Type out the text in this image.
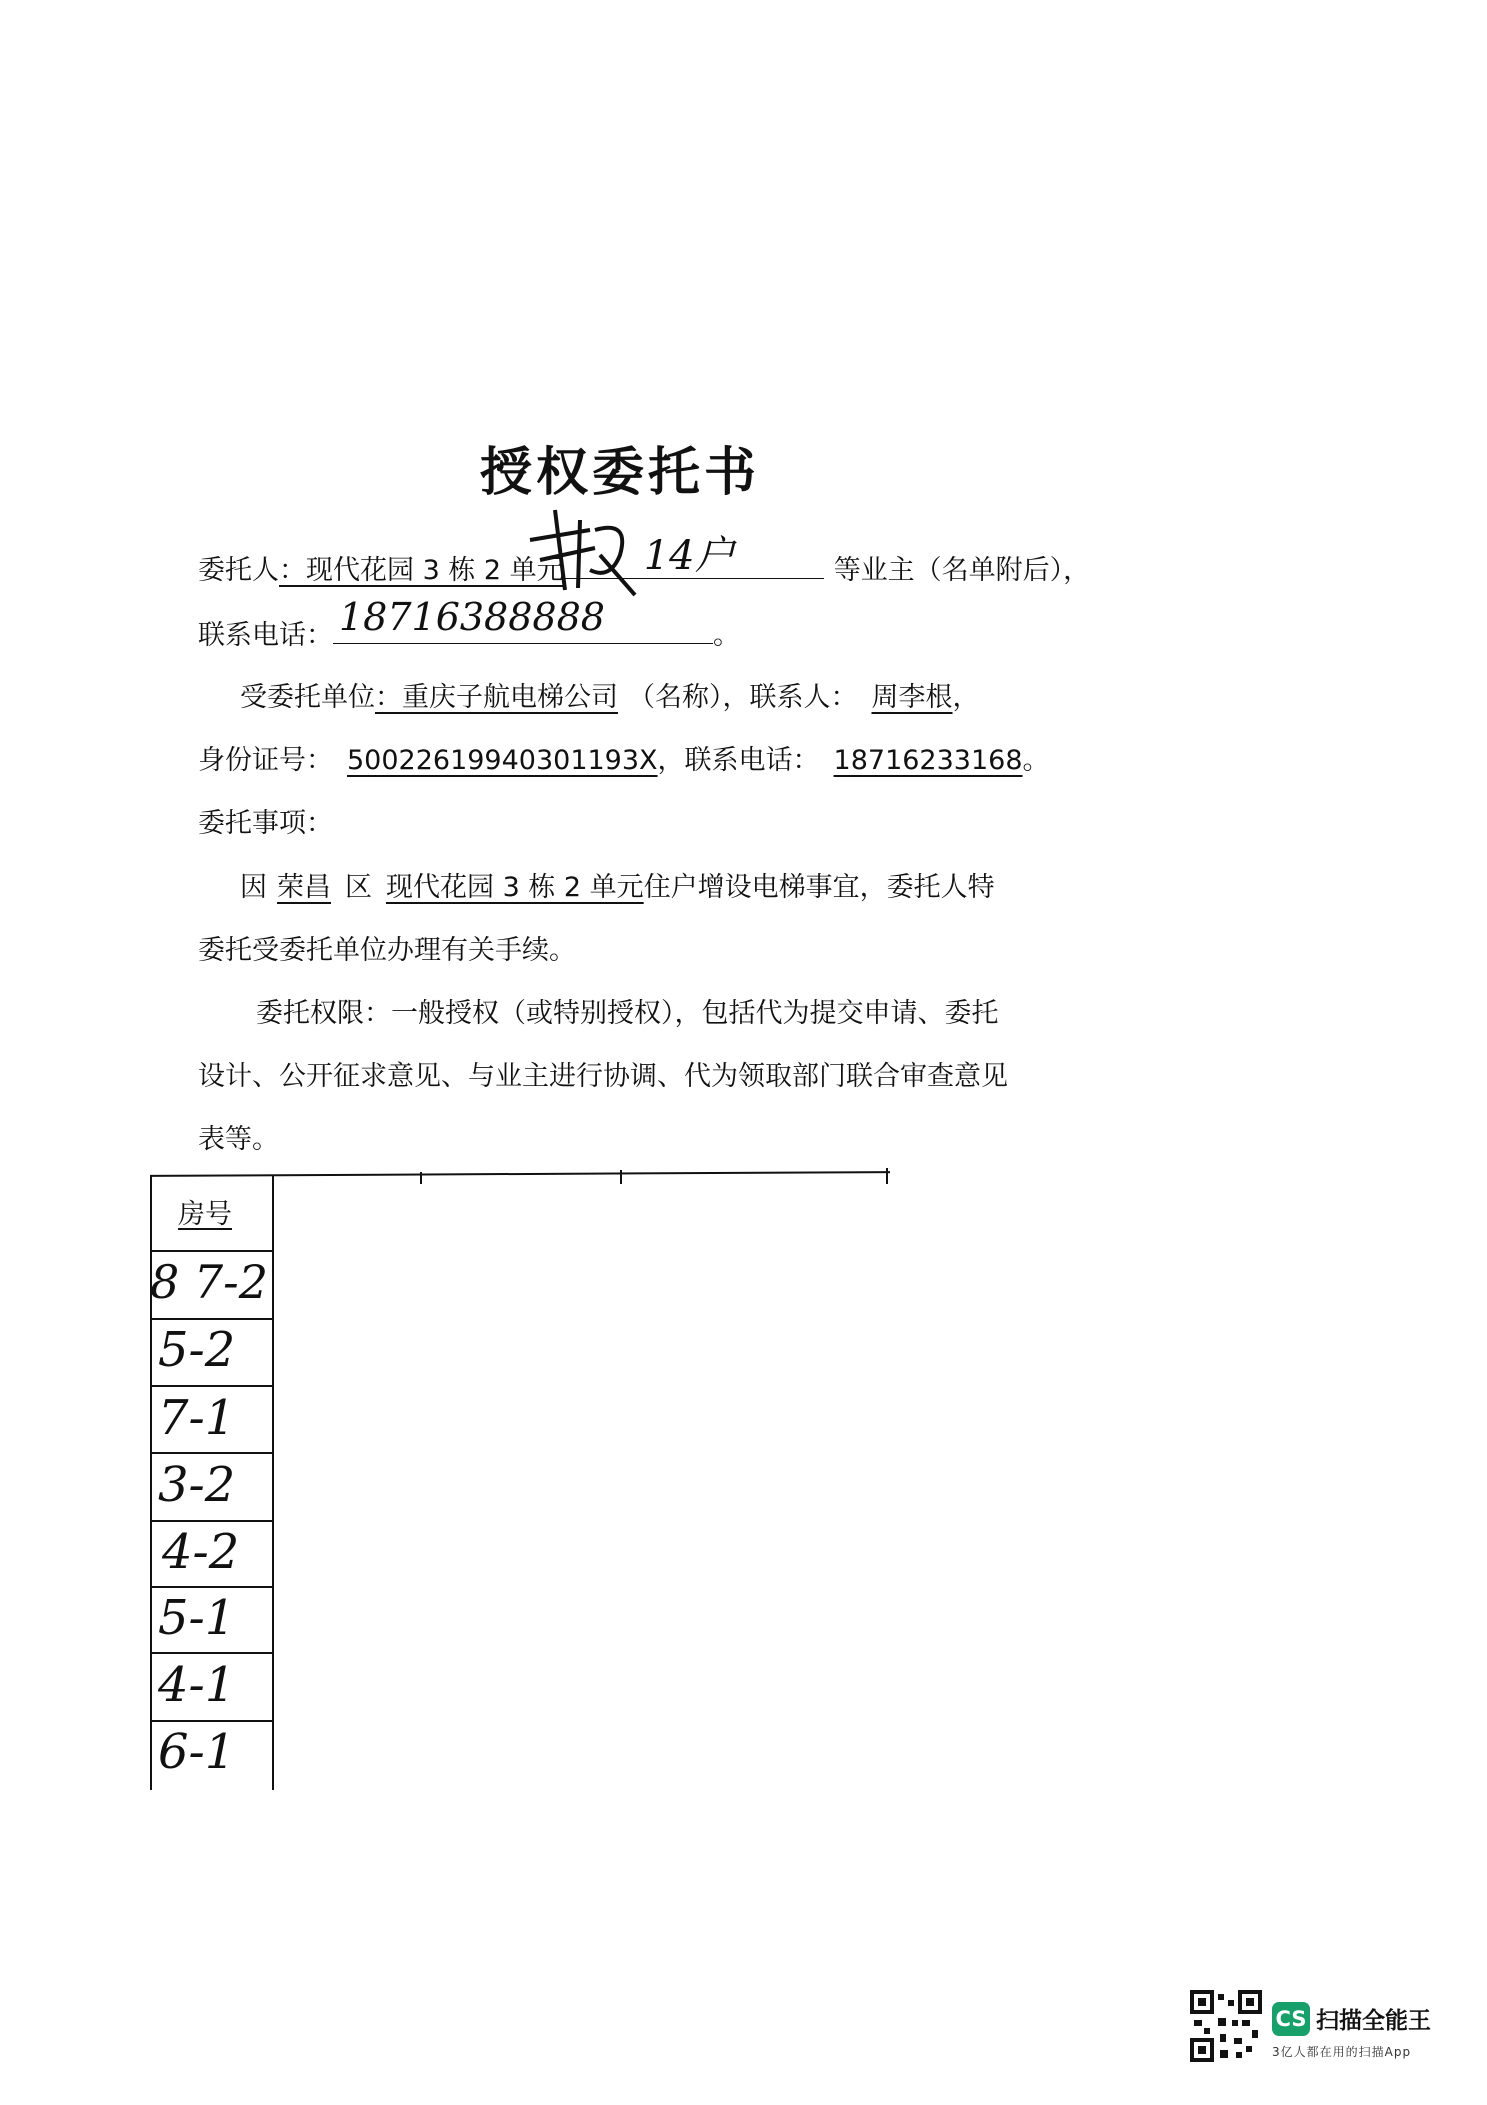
授权委托书
委托人：现代花园 3 栋 2 单元 14户	等业主（名单附后），
联系电话： 18716388888	。
受委托单位：重庆子航电梯公司 （名称），联系人： 周李根，
身份证号： 50022619940301193X，联系电话： 18716233168。
委托事项：
因 荣昌 区 现代花园 3 栋 2 单元住户增设电梯事宜，委托人特
委托受委托单位办理有关手续。
委托权限：一般授权（或特别授权），包括代为提交申请、委托
设计、公开征求意见、与业主进行协调、代为领取部门联合审查意见
表等。
房号
8 7-2
5-2
7-1
3-2
4-2
5-1
4-1
6-1
CS 扫描全能王
3亿人都在用的扫描App
